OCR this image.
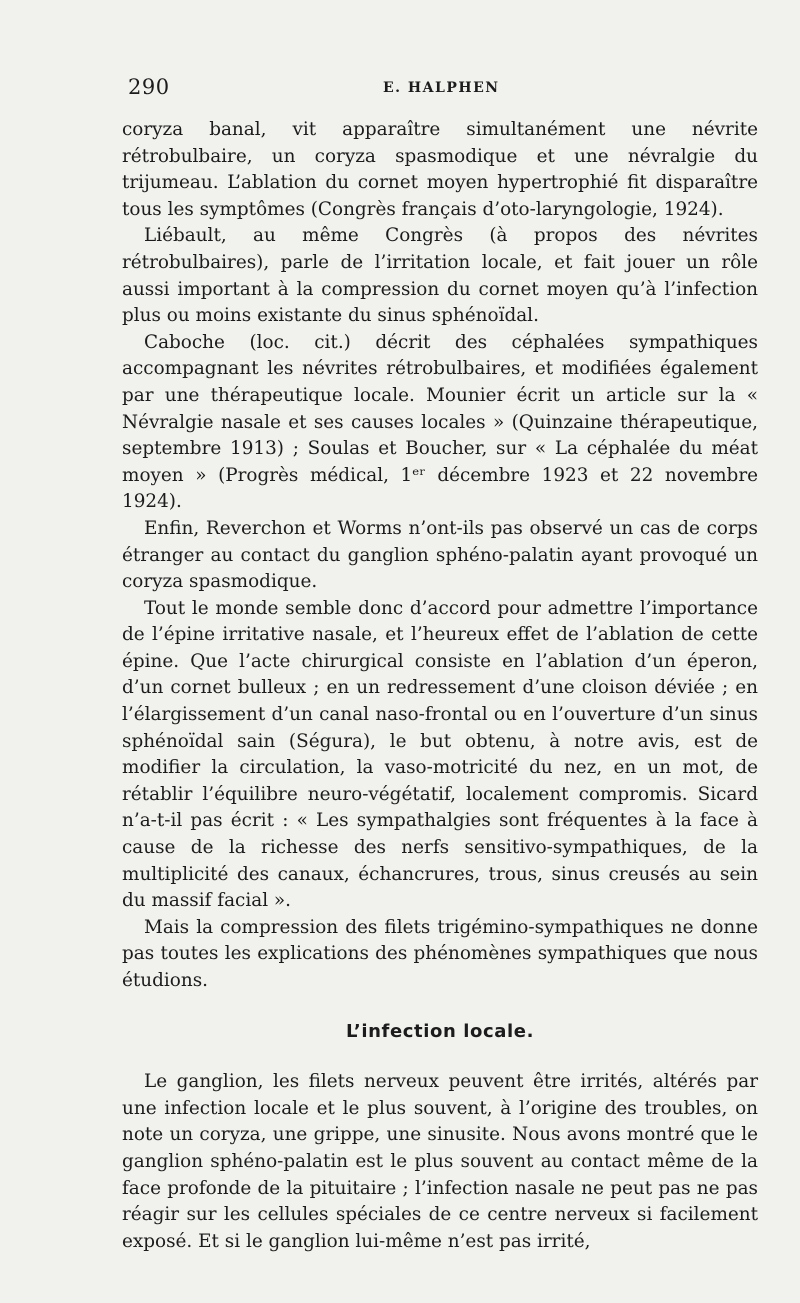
290	E. HALPHEN

coryza banal, vit apparaître simultanément une névrite rétrobulbaire, un coryza spasmodique et une névralgie du trijumeau. L’ablation du cornet moyen hypertrophié fit disparaître tous les symptômes (Congrès français d’oto-laryngologie, 1924).

Liébault, au même Congrès (à propos des névrites rétrobulbaires), parle de l’irritation locale, et fait jouer un rôle aussi important à la compression du cornet moyen qu’à l’infection plus ou moins existante du sinus sphénoïdal.

Caboche (loc. cit.) décrit des céphalées sympathiques accompagnant les névrites rétrobulbaires, et modifiées également par une thérapeutique locale. Mounier écrit un article sur la « Névralgie nasale et ses causes locales » (Quinzaine thérapeutique, septembre 1913) ; Soulas et Boucher, sur « La céphalée du méat moyen » (Progrès médical, 1ᵉʳ décembre 1923 et 22 novembre 1924).

Enfin, Reverchon et Worms n’ont-ils pas observé un cas de corps étranger au contact du ganglion sphéno-palatin ayant provoqué un coryza spasmodique.

Tout le monde semble donc d’accord pour admettre l’importance de l’épine irritative nasale, et l’heureux effet de l’ablation de cette épine. Que l’acte chirurgical consiste en l’ablation d’un éperon, d’un cornet bulleux ; en un redressement d’une cloison déviée ; en l’élargissement d’un canal naso-frontal ou en l’ouverture d’un sinus sphénoïdal sain (Ségura), le but obtenu, à notre avis, est de modifier la circulation, la vaso-motricité du nez, en un mot, de rétablir l’équilibre neuro-végétatif, localement compromis. Sicard n’a-t-il pas écrit : « Les sympathalgies sont fréquentes à la face à cause de la richesse des nerfs sensitivo-sympathiques, de la multiplicité des canaux, échancrures, trous, sinus creusés au sein du massif facial ».

Mais la compression des filets trigémino-sympathiques ne donne pas toutes les explications des phénomènes sympathiques que nous étudions.

L’infection locale.

Le ganglion, les filets nerveux peuvent être irrités, altérés par une infection locale et le plus souvent, à l’origine des troubles, on note un coryza, une grippe, une sinusite. Nous avons montré que le ganglion sphéno-palatin est le plus souvent au contact même de la face profonde de la pituitaire ; l’infection nasale ne peut pas ne pas réagir sur les cellules spéciales de ce centre nerveux si facilement exposé. Et si le ganglion lui-même n’est pas irrité,
